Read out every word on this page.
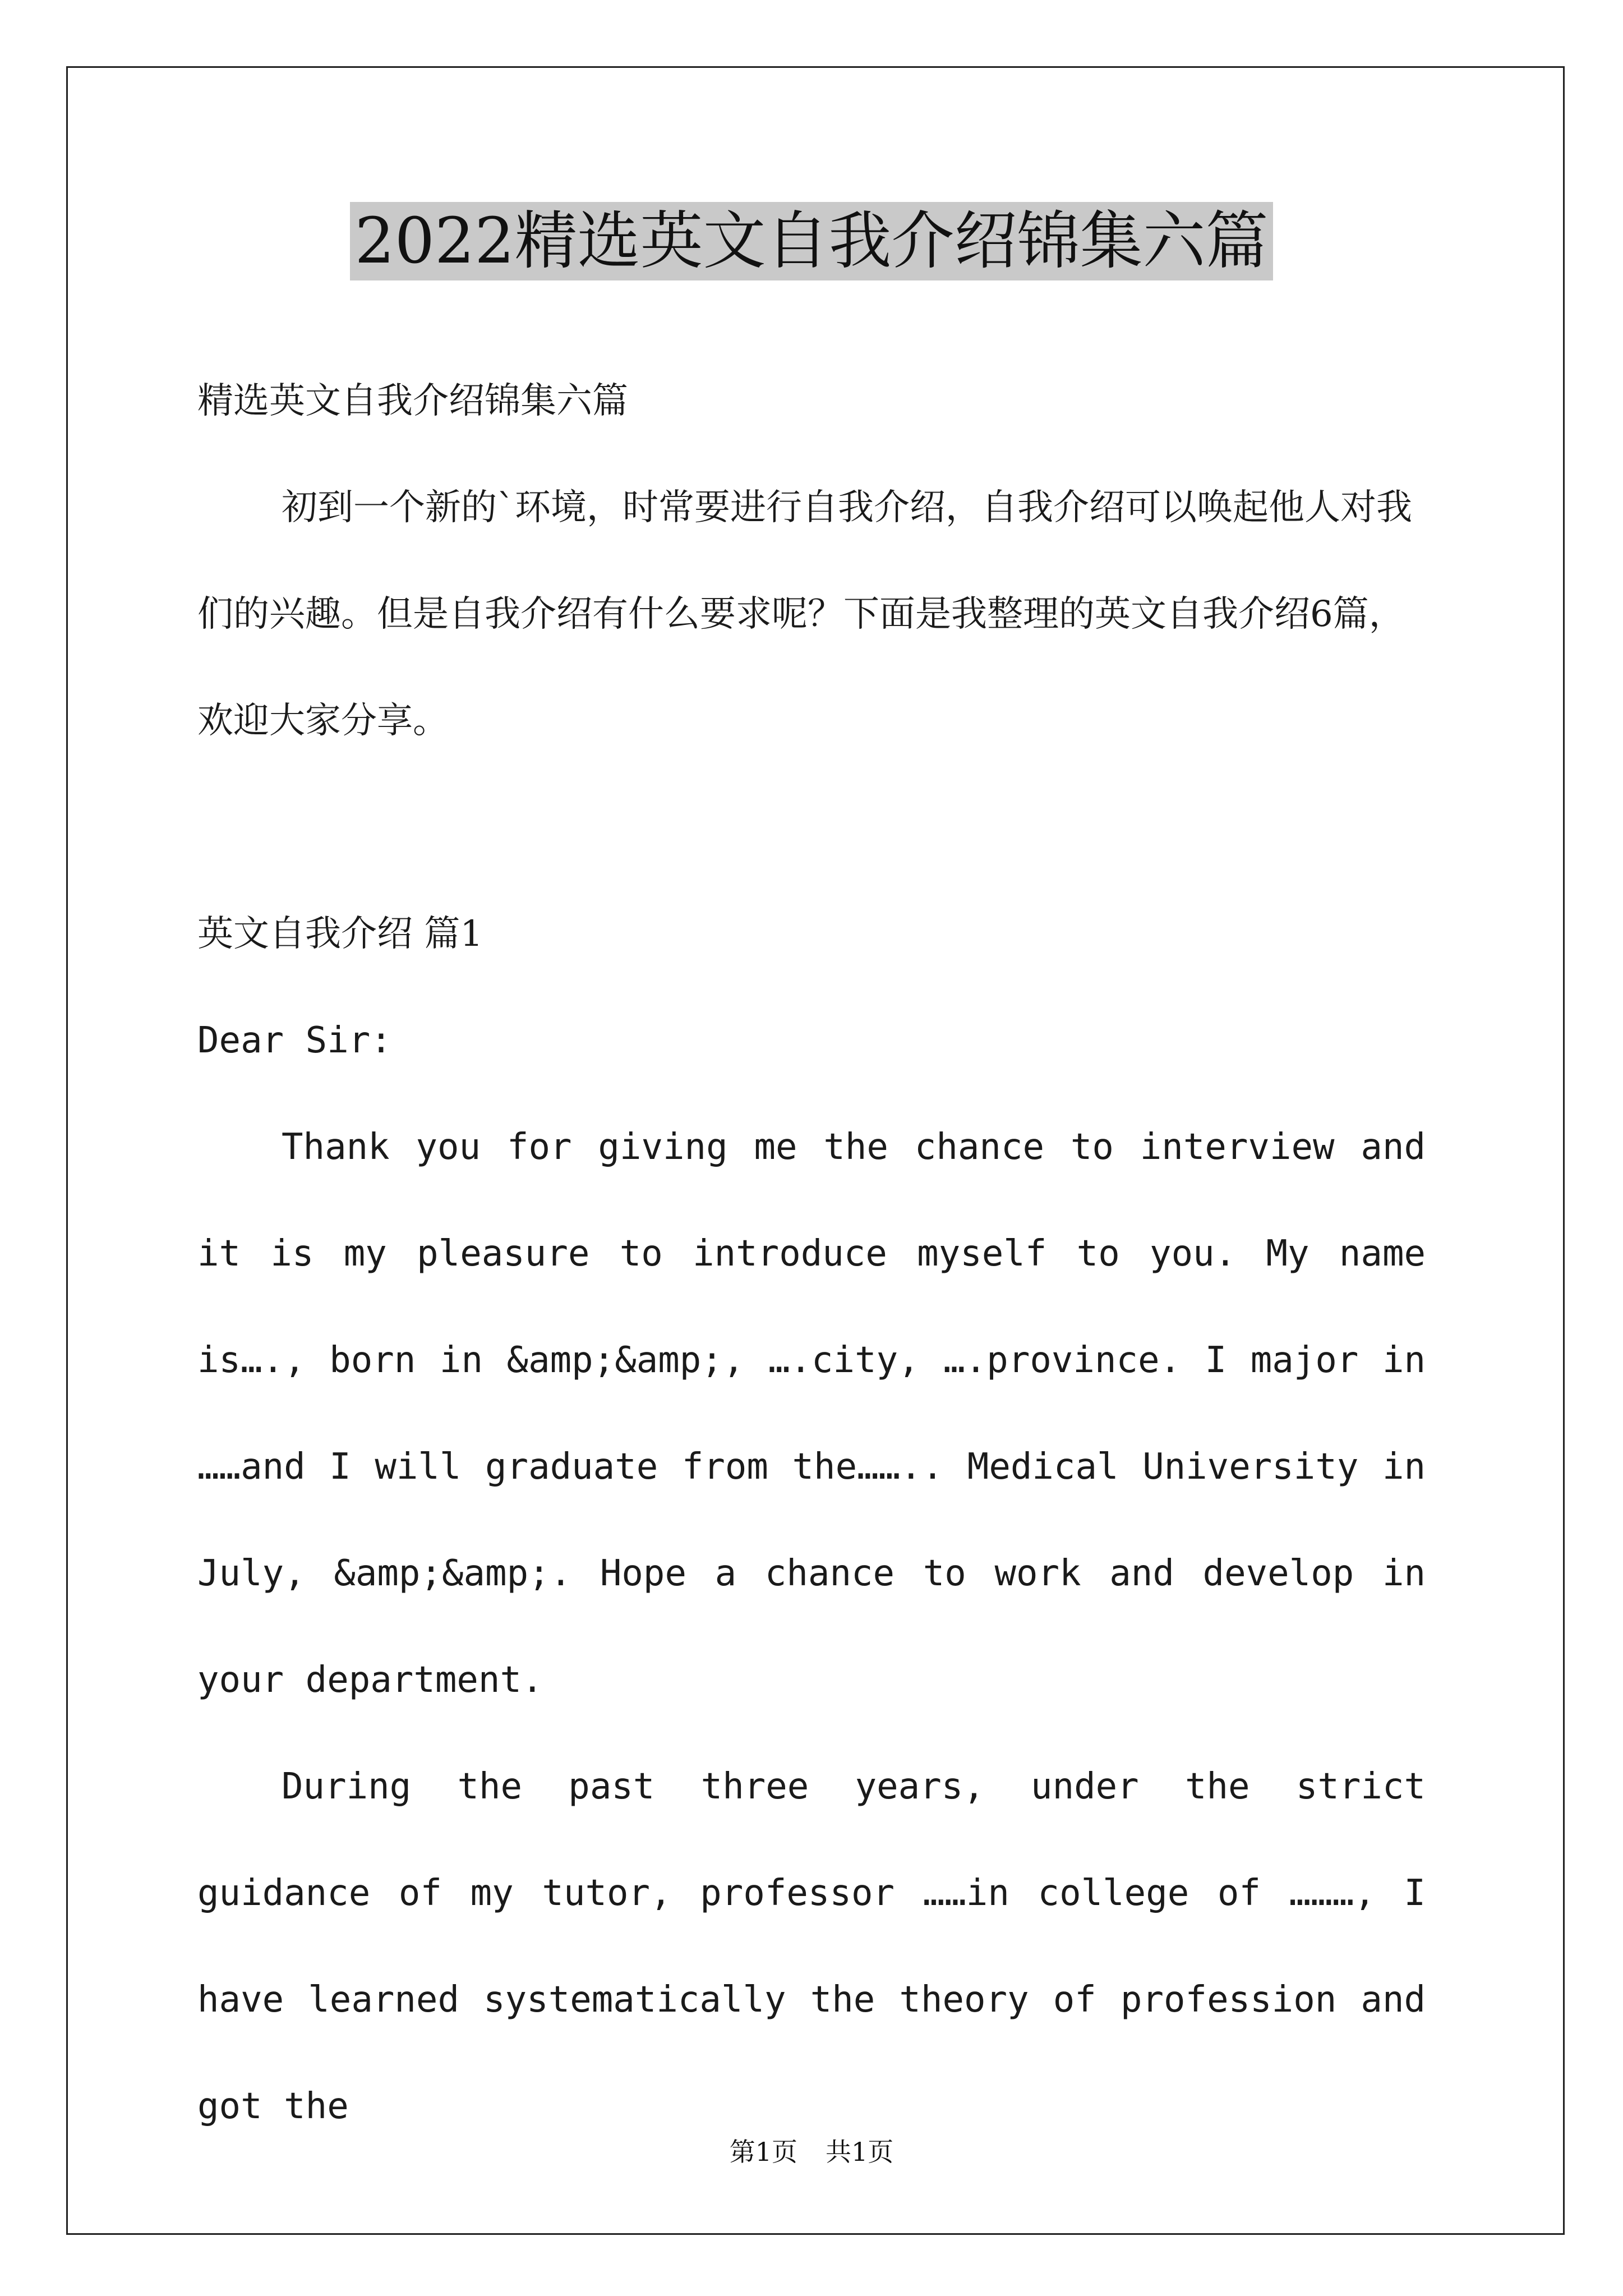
2022精选英文自我介绍锦集六篇

精选英文自我介绍锦集六篇

初到一个新的`环境，时常要进行自我介绍，自我介绍可以唤起他人对我们的兴趣。但是自我介绍有什么要求呢？下面是我整理的英文自我介绍6篇，欢迎大家分享。

英文自我介绍 篇1

Dear Sir:

Thank you for giving me the chance to interview and it is my pleasure to introduce myself to you. My name is…., born in &amp;&amp;, ….city, ….province. I major in ……and I will graduate from the…….. Medical University in July, &amp;&amp;. Hope a chance to work and develop in your department.

During the past three years, under the strict guidance of my tutor, professor ……in college of ………, I have learned systematically the theory of profession and got the

第1页 共1页
